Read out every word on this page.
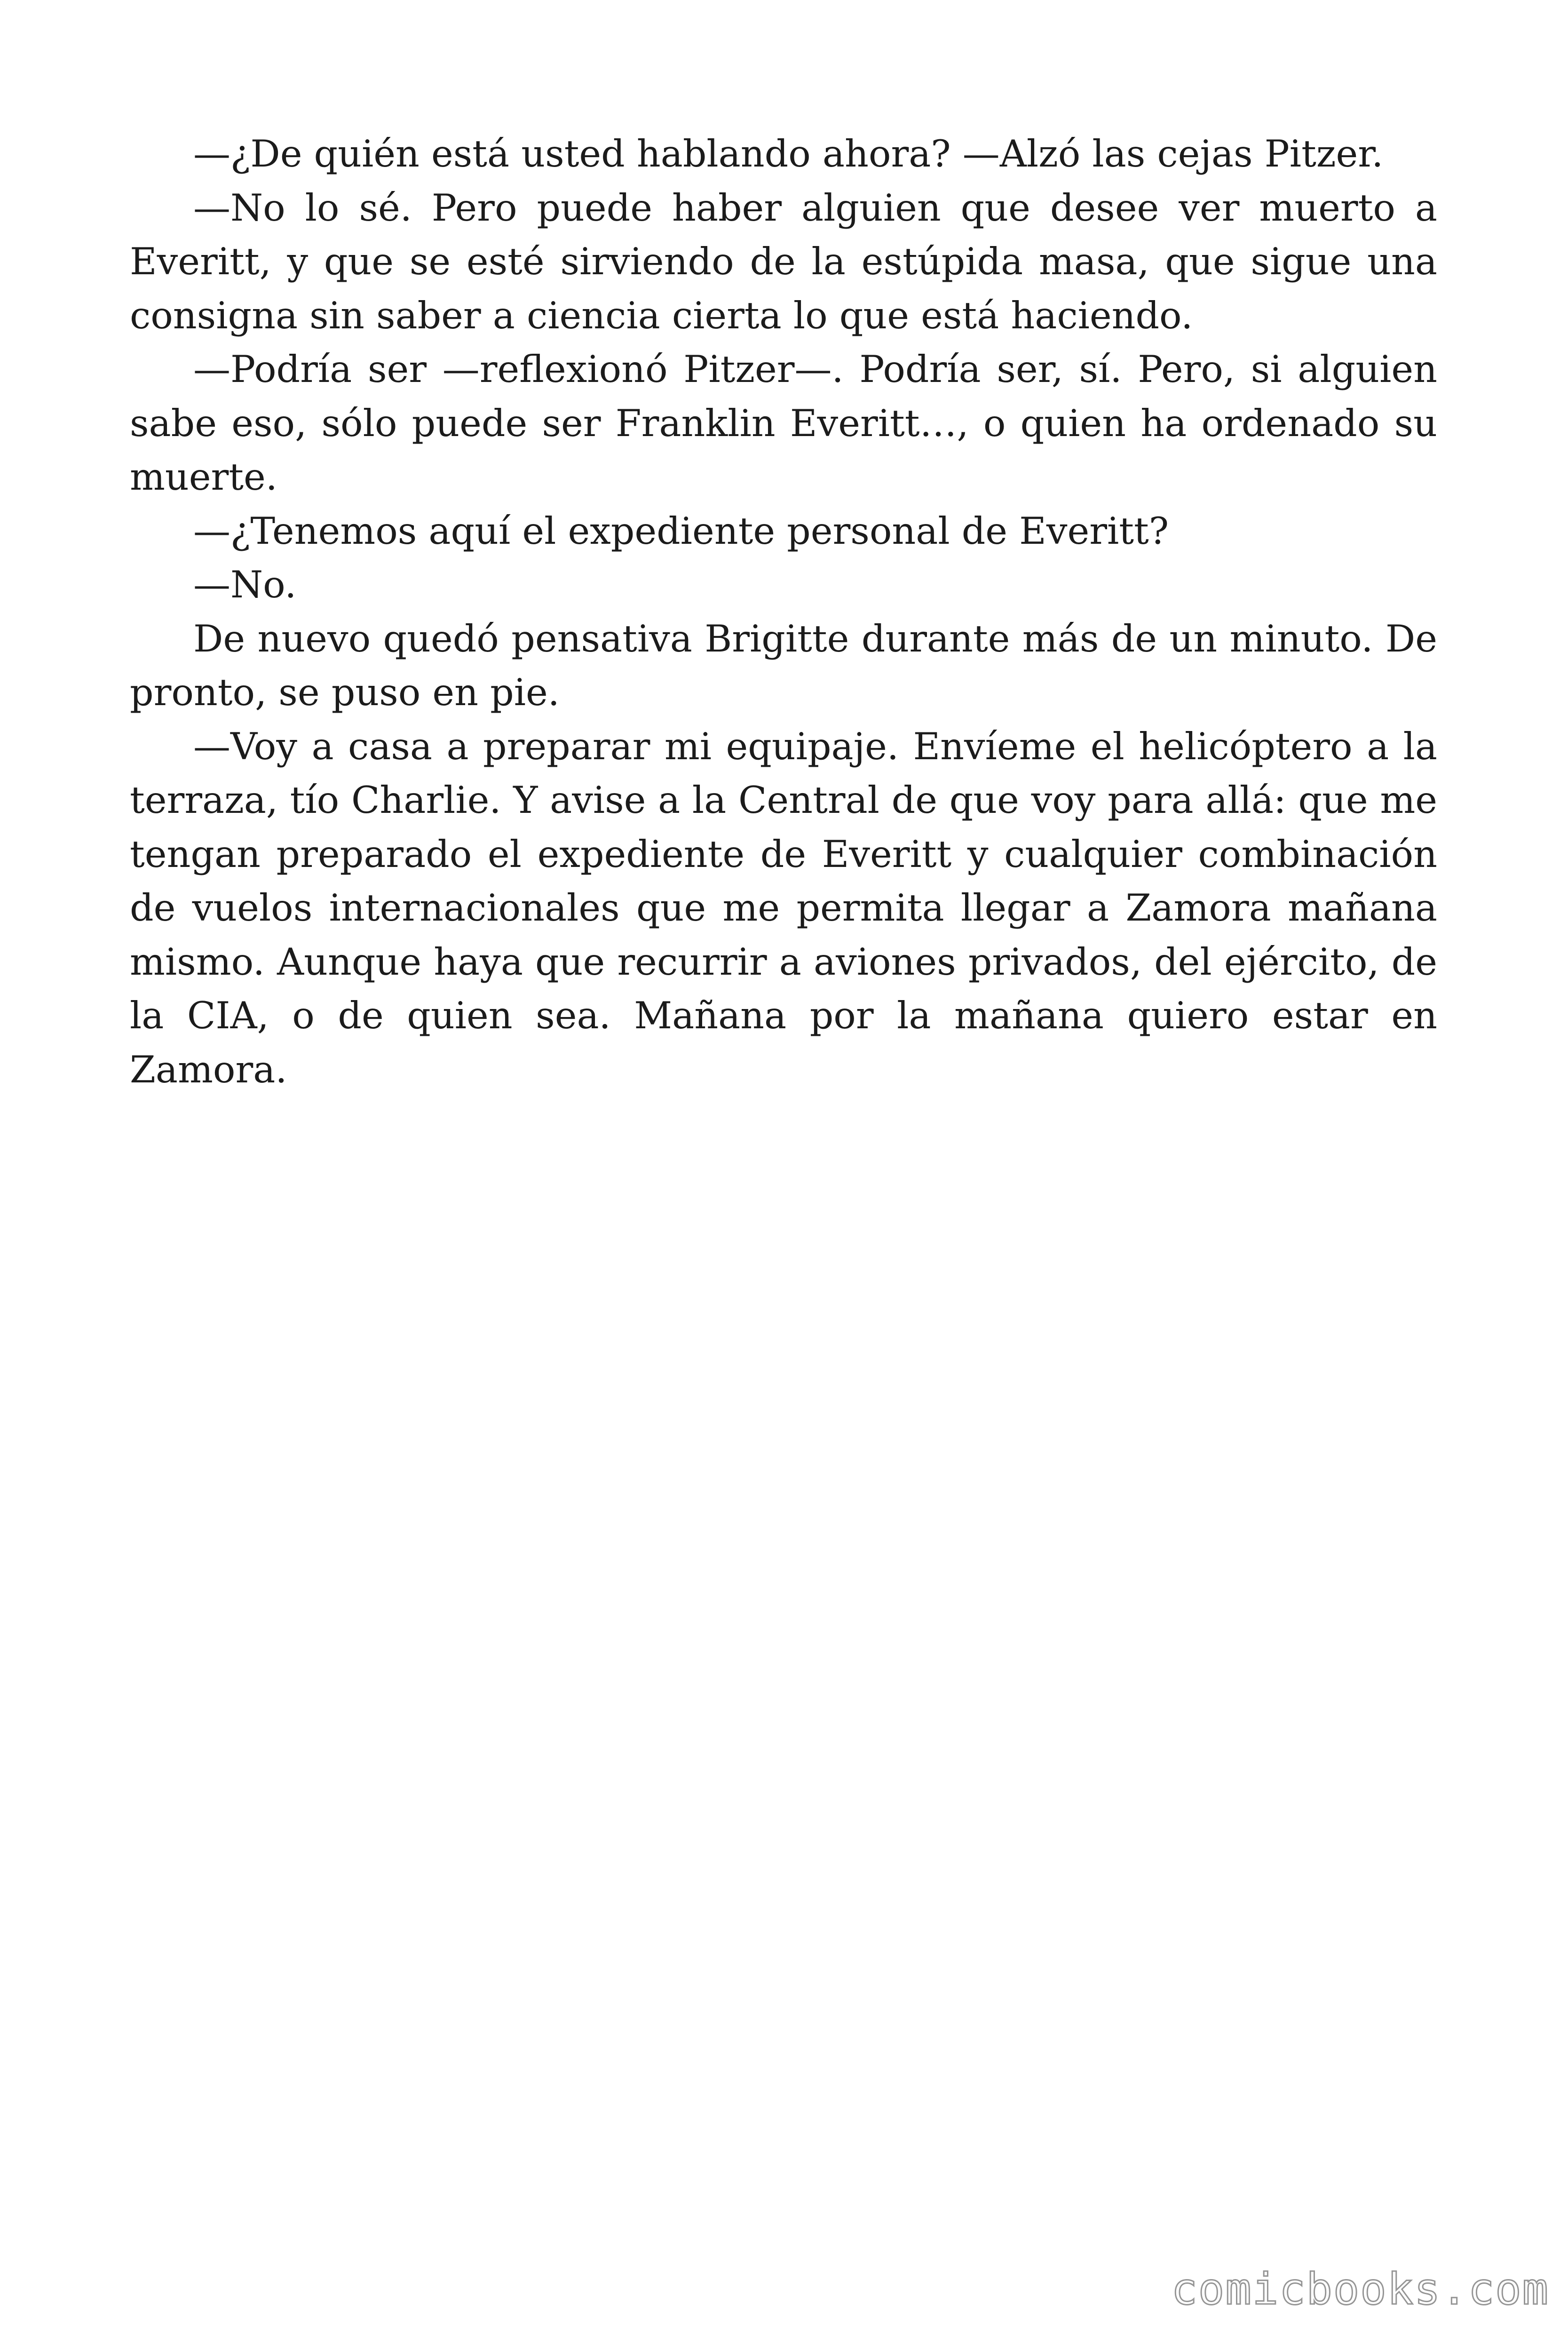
—¿De quién está usted hablando ahora? —Alzó las cejas Pitzer.

—No lo sé. Pero puede haber alguien que desee ver muerto a Everitt, y que se esté sirviendo de la estúpida masa, que sigue una consigna sin saber a ciencia cierta lo que está haciendo.

—Podría ser —reflexionó Pitzer—. Podría ser, sí. Pero, si alguien sabe eso, sólo puede ser Franklin Everitt…, o quien ha ordenado su muerte.

—¿Tenemos aquí el expediente personal de Everitt?

—No.

De nuevo quedó pensativa Brigitte durante más de un minuto. De pronto, se puso en pie.

—Voy a casa a preparar mi equipaje. Envíeme el helicóptero a la terraza, tío Charlie. Y avise a la Central de que voy para allá: que me tengan preparado el expediente de Everitt y cualquier combinación de vuelos internacionales que me permita llegar a Zamora mañana mismo. Aunque haya que recurrir a aviones privados, del ejército, de la CIA, o de quien sea. Mañana por la mañana quiero estar en Zamora.

comicbooks.com
